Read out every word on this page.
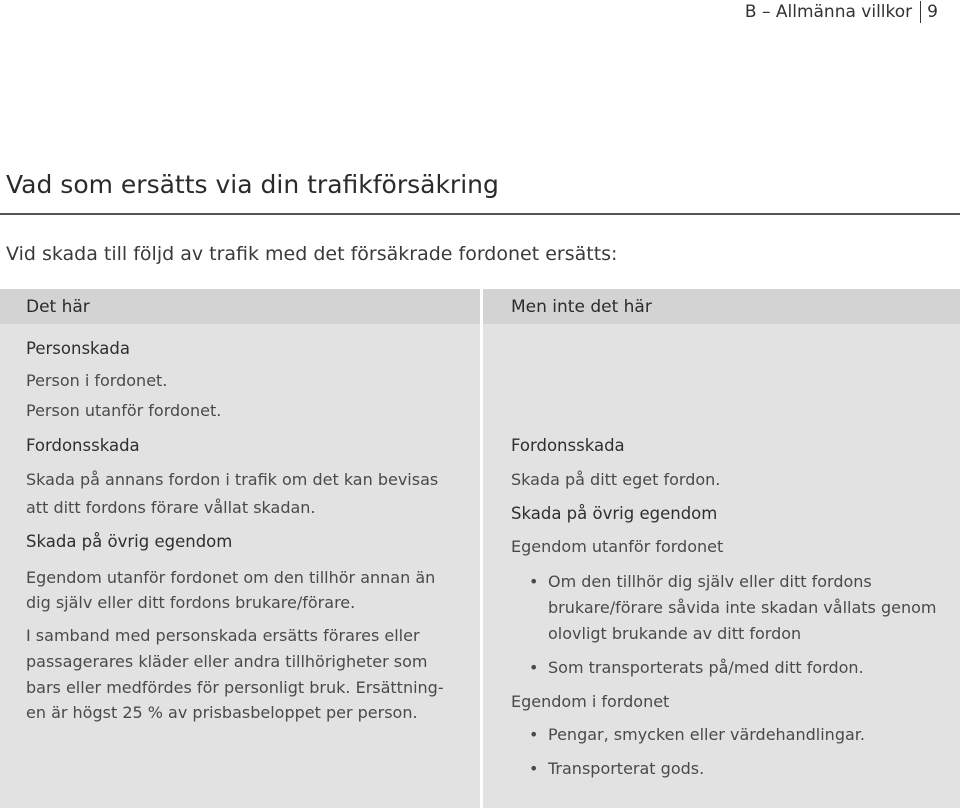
B – Allmänna villkor 9
Vad som ersätts via din trafikförsäkring
Vid skada till följd av trafik med det försäkrade fordonet ersätts:
Det här
Personskada
Person i fordonet.
Person utanför fordonet.
Fordonsskada
Skada på annans fordon i trafik om det kan bevisas
att ditt fordons förare vållat skadan.
Skada på övrig egendom
Egendom utanför fordonet om den tillhör annan än
dig själv eller ditt fordons brukare/förare.
I samband med personskada ersätts förares eller
passagerares kläder eller andra tillhörigheter som
bars eller medfördes för personligt bruk. Ersättning-
en är högst 25 % av prisbasbeloppet per person.
Men inte det här
Fordonsskada
Skada på ditt eget fordon.
Skada på övrig egendom
Egendom utanför fordonet
• Om den tillhör dig själv eller ditt fordons
brukare/förare såvida inte skadan vållats genom
olovligt brukande av ditt fordon
• Som transporterats på/med ditt fordon.
Egendom i fordonet
• Pengar, smycken eller värdehandlingar.
• Transporterat gods.
